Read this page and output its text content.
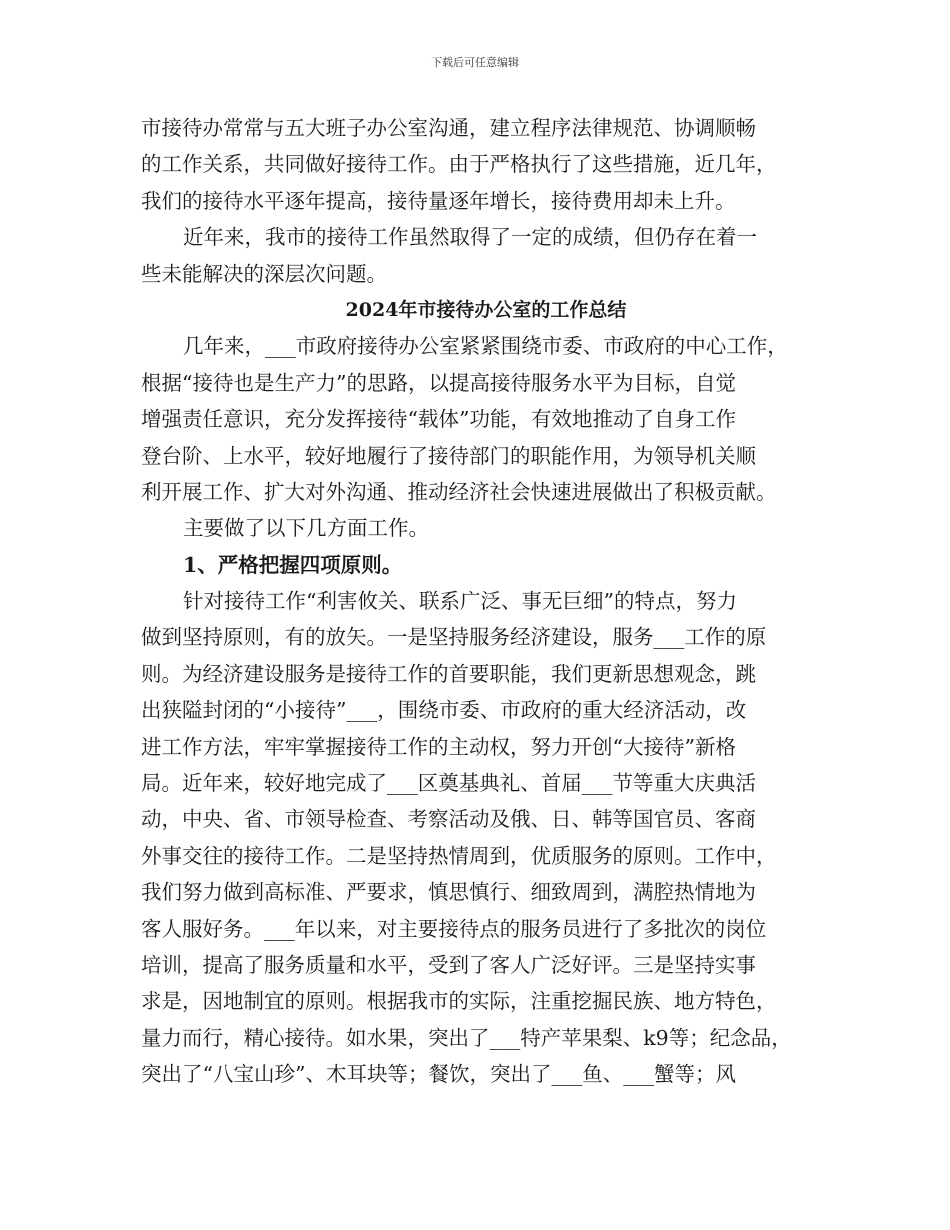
下载后可任意编辑
市接待办常常与五大班子办公室沟通，建立程序法律规范、协调顺畅
的工作关系，共同做好接待工作。由于严格执行了这些措施，近几年，
我们的接待水平逐年提高，接待量逐年增长，接待费用却未上升。
近年来，我市的接待工作虽然取得了一定的成绩，但仍存在着一
些未能解决的深层次问题。
2024年市接待办公室的工作总结
几年来，___市政府接待办公室紧紧围绕市委、市政府的中心工作，
根据“接待也是生产力”的思路，以提高接待服务水平为目标，自觉
增强责任意识，充分发挥接待“载体”功能，有效地推动了自身工作
登台阶、上水平，较好地履行了接待部门的职能作用，为领导机关顺
利开展工作、扩大对外沟通、推动经济社会快速进展做出了积极贡献。
主要做了以下几方面工作。
1、严格把握四项原则。
针对接待工作“利害攸关、联系广泛、事无巨细”的特点，努力
做到坚持原则，有的放矢。一是坚持服务经济建设，服务___工作的原
则。为经济建设服务是接待工作的首要职能，我们更新思想观念，跳
出狭隘封闭的“小接待”___，围绕市委、市政府的重大经济活动，改
进工作方法，牢牢掌握接待工作的主动权，努力开创“大接待”新格
局。近年来，较好地完成了___区奠基典礼、首届___节等重大庆典活
动，中央、省、市领导检查、考察活动及俄、日、韩等国官员、客商
外事交往的接待工作。二是坚持热情周到，优质服务的原则。工作中，
我们努力做到高标准、严要求，慎思慎行、细致周到，满腔热情地为
客人服好务。___年以来，对主要接待点的服务员进行了多批次的岗位
培训，提高了服务质量和水平，受到了客人广泛好评。三是坚持实事
求是，因地制宜的原则。根据我市的实际，注重挖掘民族、地方特色，
量力而行，精心接待。如水果，突出了___特产苹果梨、k9等；纪念品，
突出了“八宝山珍”、木耳块等；餐饮，突出了___鱼、___蟹等；风
